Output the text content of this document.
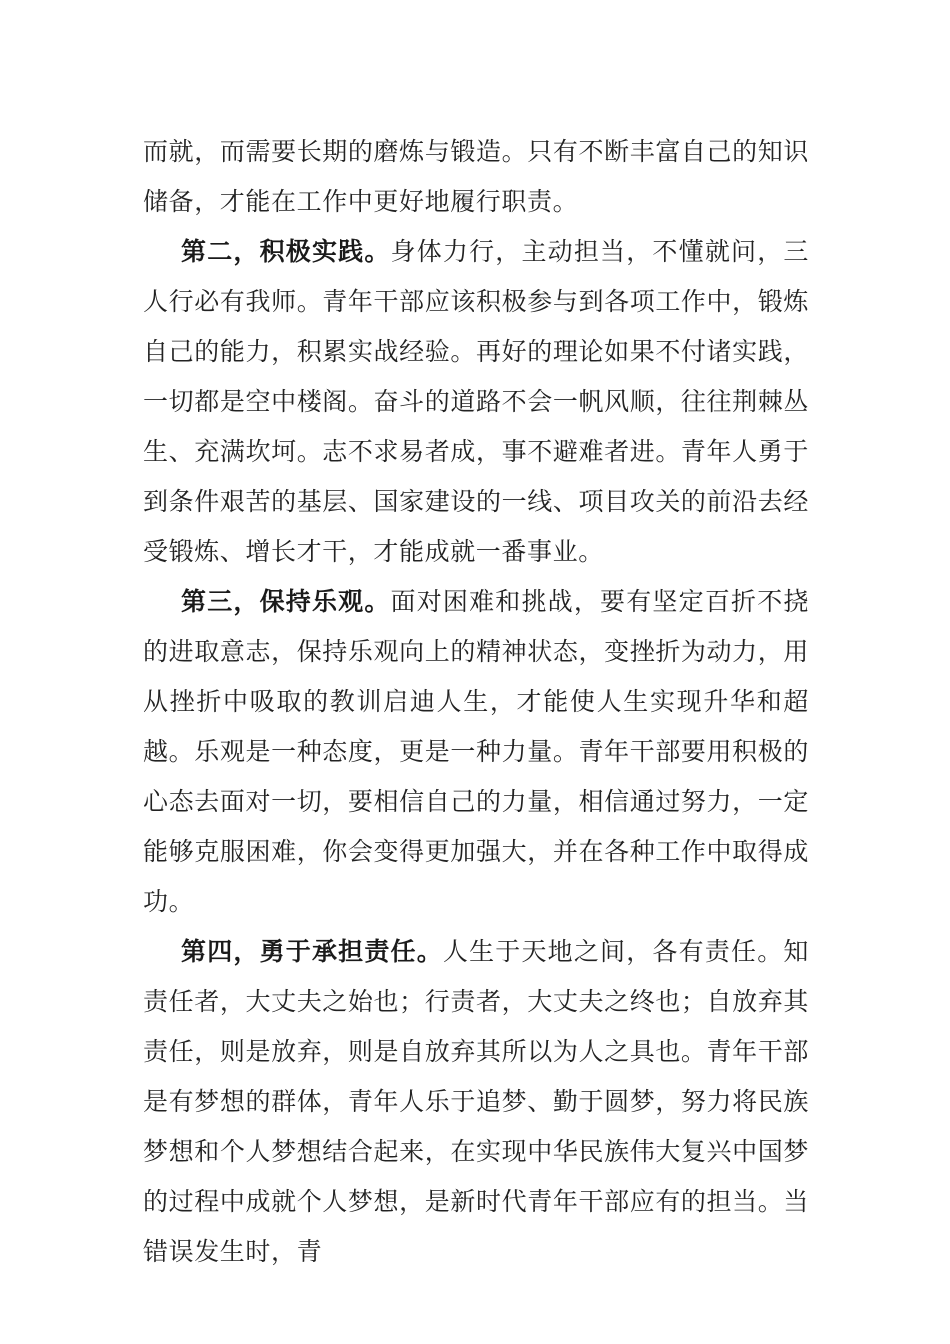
而就，而需要长期的磨炼与锻造。只有不断丰富自己的知识储备，才能在工作中更好地履行职责。

第二，积极实践。身体力行，主动担当，不懂就问，三人行必有我师。青年干部应该积极参与到各项工作中，锻炼自己的能力，积累实战经验。再好的理论如果不付诸实践，一切都是空中楼阁。奋斗的道路不会一帆风顺，往往荆棘丛生、充满坎坷。志不求易者成，事不避难者进。青年人勇于到条件艰苦的基层、国家建设的一线、项目攻关的前沿去经受锻炼、增长才干，才能成就一番事业。

第三，保持乐观。面对困难和挑战，要有坚定百折不挠的进取意志，保持乐观向上的精神状态，变挫折为动力，用从挫折中吸取的教训启迪人生，才能使人生实现升华和超越。乐观是一种态度，更是一种力量。青年干部要用积极的心态去面对一切，要相信自己的力量，相信通过努力，一定能够克服困难，你会变得更加强大，并在各种工作中取得成功。

第四，勇于承担责任。人生于天地之间，各有责任。知责任者，大丈夫之始也；行责者，大丈夫之终也；自放弃其责任，则是放弃，则是自放弃其所以为人之具也。青年干部是有梦想的群体，青年人乐于追梦、勤于圆梦，努力将民族梦想和个人梦想结合起来，在实现中华民族伟大复兴中国梦的过程中成就个人梦想，是新时代青年干部应有的担当。当错误发生时，青
